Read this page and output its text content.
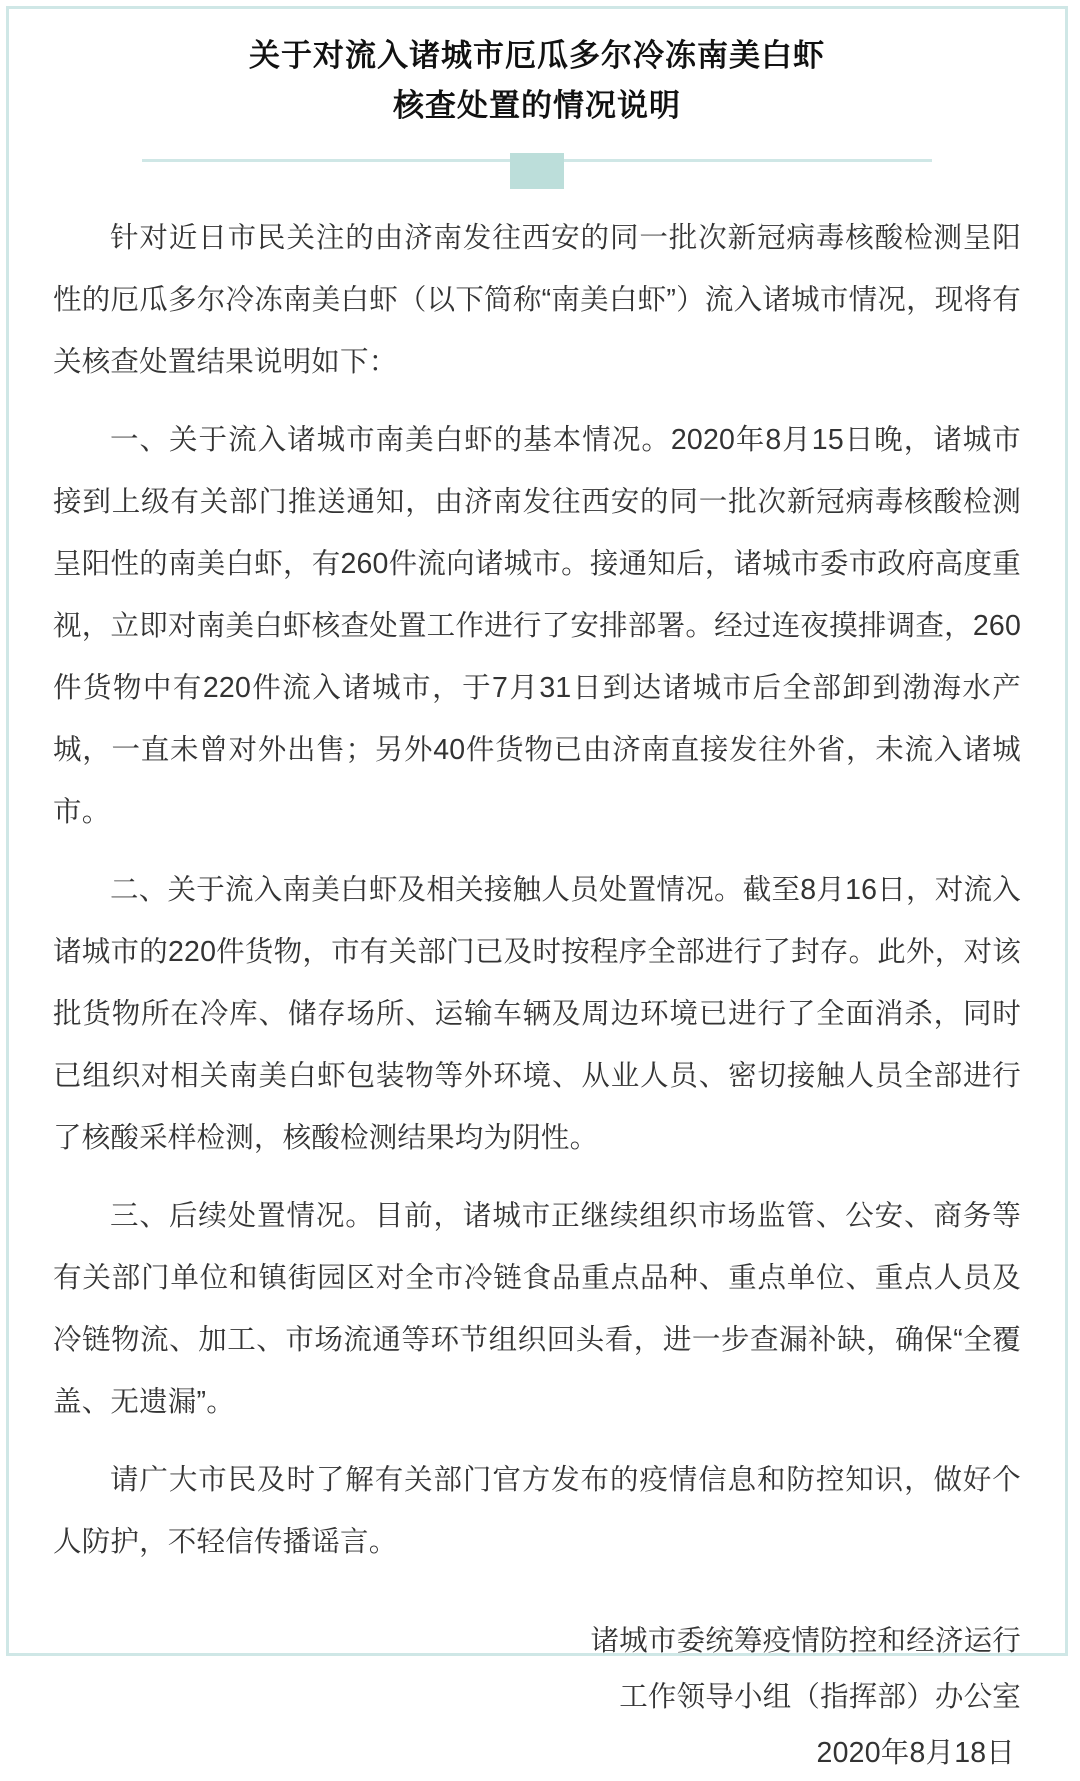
关于对流入诸城市厄瓜多尔冷冻南美白虾
核查处置的情况说明

针对近日市民关注的由济南发往西安的同一批次新冠病毒核酸检测呈阳性的厄瓜多尔冷冻南美白虾（以下简称“南美白虾”）流入诸城市情况，现将有关核查处置结果说明如下：

一、关于流入诸城市南美白虾的基本情况。2020年8月15日晚，诸城市接到上级有关部门推送通知，由济南发往西安的同一批次新冠病毒核酸检测呈阳性的南美白虾，有260件流向诸城市。接通知后，诸城市委市政府高度重视，立即对南美白虾核查处置工作进行了安排部署。经过连夜摸排调查，260件货物中有220件流入诸城市，于7月31日到达诸城市后全部卸到渤海水产城，一直未曾对外出售；另外40件货物已由济南直接发往外省，未流入诸城市。

二、关于流入南美白虾及相关接触人员处置情况。截至8月16日，对流入诸城市的220件货物，市有关部门已及时按程序全部进行了封存。此外，对该批货物所在冷库、储存场所、运输车辆及周边环境已进行了全面消杀，同时已组织对相关南美白虾包装物等外环境、从业人员、密切接触人员全部进行了核酸采样检测，核酸检测结果均为阴性。

三、后续处置情况。目前，诸城市正继续组织市场监管、公安、商务等有关部门单位和镇街园区对全市冷链食品重点品种、重点单位、重点人员及冷链物流、加工、市场流通等环节组织回头看，进一步查漏补缺，确保“全覆盖、无遗漏”。

请广大市民及时了解有关部门官方发布的疫情信息和防控知识，做好个人防护，不轻信传播谣言。

诸城市委统筹疫情防控和经济运行
工作领导小组（指挥部）办公室
2020年8月18日
